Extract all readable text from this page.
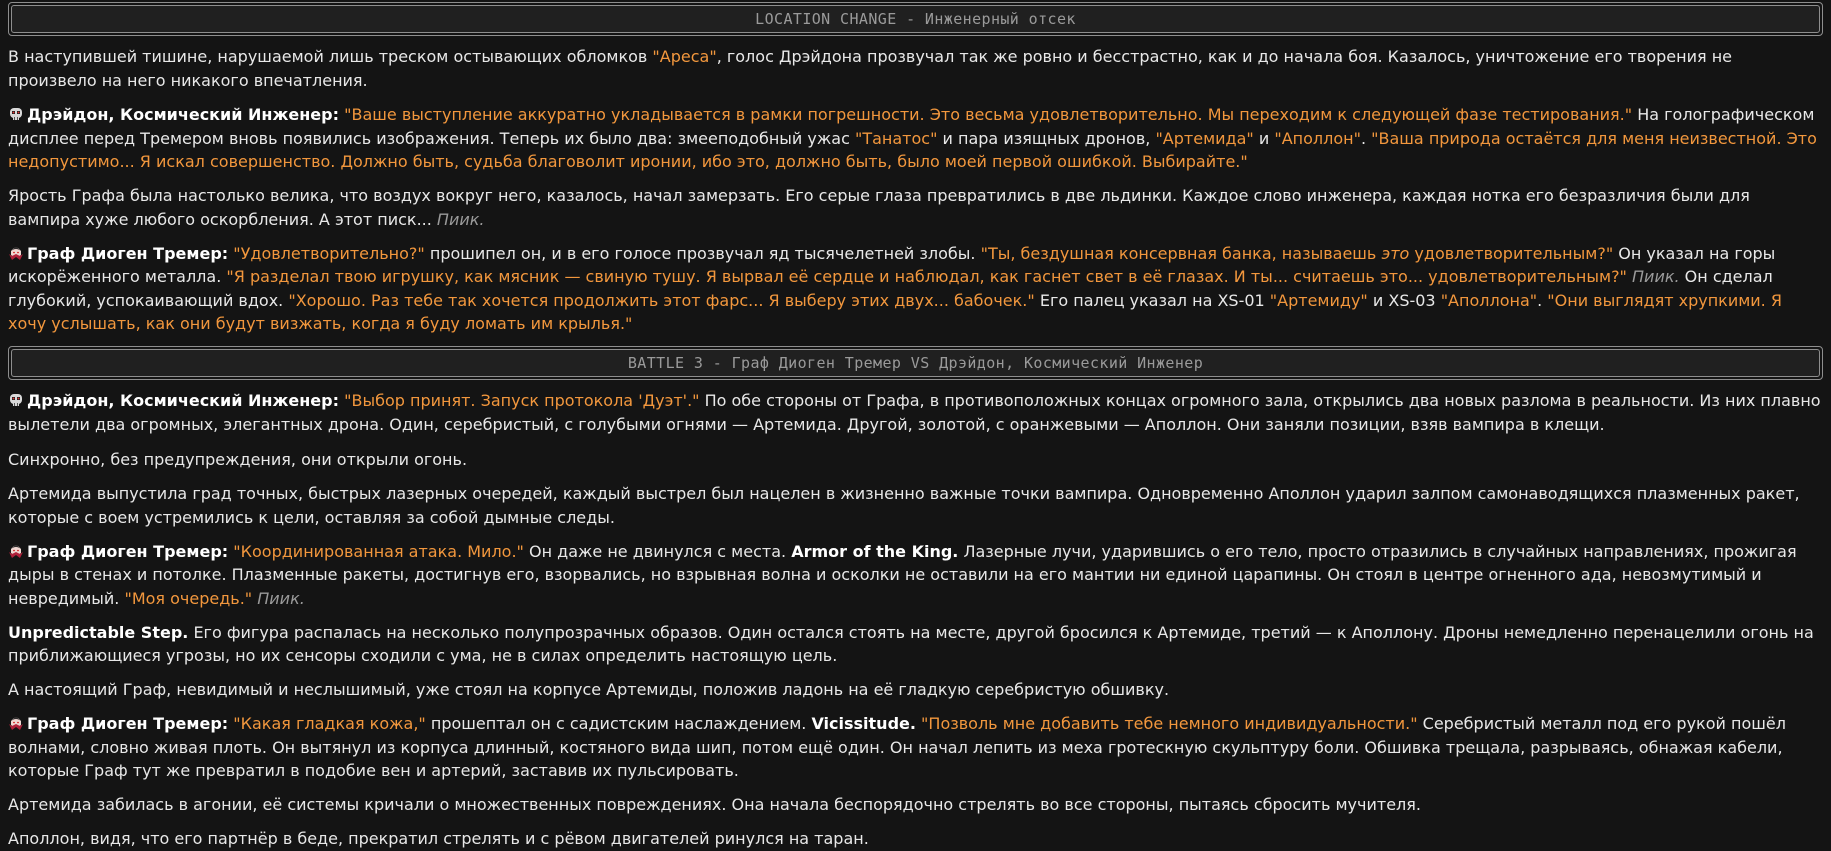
LOCATION CHANGE - Инженерный отсек
В наступившей тишине, нарушаемой лишь треском остывающих обломков "Ареса", голос Дрэйдона прозвучал так же ровно и бесстрастно, как и до начала боя. Казалось, уничтожение его творения не произвело на него никакого впечатления.
Дрэйдон, Космический Инженер: "Ваше выступление аккуратно укладывается в рамки погрешности. Это весьма удовлетворительно. Мы переходим к следующей фазе тестирования." На голографическом дисплее перед Тремером вновь появились изображения. Теперь их было два: змееподобный ужас "Танатос" и пара изящных дронов, "Артемида" и "Аполлон". "Ваша природа остаётся для меня неизвестной. Это недопустимо... Я искал совершенство. Должно быть, судьба благоволит иронии, ибо это, должно быть, было моей первой ошибкой. Выбирайте."
Ярость Графа была настолько велика, что воздух вокруг него, казалось, начал замерзать. Его серые глаза превратились в две льдинки. Каждое слово инженера, каждая нотка его безразличия были для вампира хуже любого оскорбления. А этот писк... Пиик.
Граф Диоген Тремер: "Удовлетворительно?" прошипел он, и в его голосе прозвучал яд тысячелетней злобы. "Ты, бездушная консервная банка, называешь это удовлетворительным?" Он указал на горы искорёженного металла. "Я разделал твою игрушку, как мясник — свиную тушу. Я вырвал её сердце и наблюдал, как гаснет свет в её глазах. И ты... считаешь это... удовлетворительным?" Пиик. Он сделал глубокий, успокаивающий вдох. "Хорошо. Раз тебе так хочется продолжить этот фарс... Я выберу этих двух... бабочек." Его палец указал на XS-01 "Артемиду" и XS-03 "Аполлона". "Они выглядят хрупкими. Я хочу услышать, как они будут визжать, когда я буду ломать им крылья."
BATTLE 3 - Граф Диоген Тремер VS Дрэйдон, Космический Инженер
Дрэйдон, Космический Инженер: "Выбор принят. Запуск протокола 'Дуэт'." По обе стороны от Графа, в противоположных концах огромного зала, открылись два новых разлома в реальности. Из них плавно вылетели два огромных, элегантных дрона. Один, серебристый, с голубыми огнями — Артемида. Другой, золотой, с оранжевыми — Аполлон. Они заняли позиции, взяв вампира в клещи.
Синхронно, без предупреждения, они открыли огонь.
Артемида выпустила град точных, быстрых лазерных очередей, каждый выстрел был нацелен в жизненно важные точки вампира. Одновременно Аполлон ударил залпом самонаводящихся плазменных ракет, которые с воем устремились к цели, оставляя за собой дымные следы.
Граф Диоген Тремер: "Координированная атака. Мило." Он даже не двинулся с места. Armor of the King. Лазерные лучи, ударившись о его тело, просто отразились в случайных направлениях, прожигая дыры в стенах и потолке. Плазменные ракеты, достигнув его, взорвались, но взрывная волна и осколки не оставили на его мантии ни единой царапины. Он стоял в центре огненного ада, невозмутимый и невредимый. "Моя очередь." Пиик.
Unpredictable Step. Его фигура распалась на несколько полупрозрачных образов. Один остался стоять на месте, другой бросился к Артемиде, третий — к Аполлону. Дроны немедленно перенацелили огонь на приближающиеся угрозы, но их сенсоры сходили с ума, не в силах определить настоящую цель.
А настоящий Граф, невидимый и неслышимый, уже стоял на корпусе Артемиды, положив ладонь на её гладкую серебристую обшивку.
Граф Диоген Тремер: "Какая гладкая кожа," прошептал он с садистским наслаждением. Vicissitude. "Позволь мне добавить тебе немного индивидуальности." Серебристый металл под его рукой пошёл волнами, словно живая плоть. Он вытянул из корпуса длинный, костяного вида шип, потом ещё один. Он начал лепить из меха гротескную скульптуру боли. Обшивка трещала, разрываясь, обнажая кабели, которые Граф тут же превратил в подобие вен и артерий, заставив их пульсировать.
Артемида забилась в агонии, её системы кричали о множественных повреждениях. Она начала беспорядочно стрелять во все стороны, пытаясь сбросить мучителя.
Аполлон, видя, что его партнёр в беде, прекратил стрелять и с рёвом двигателей ринулся на таран.
